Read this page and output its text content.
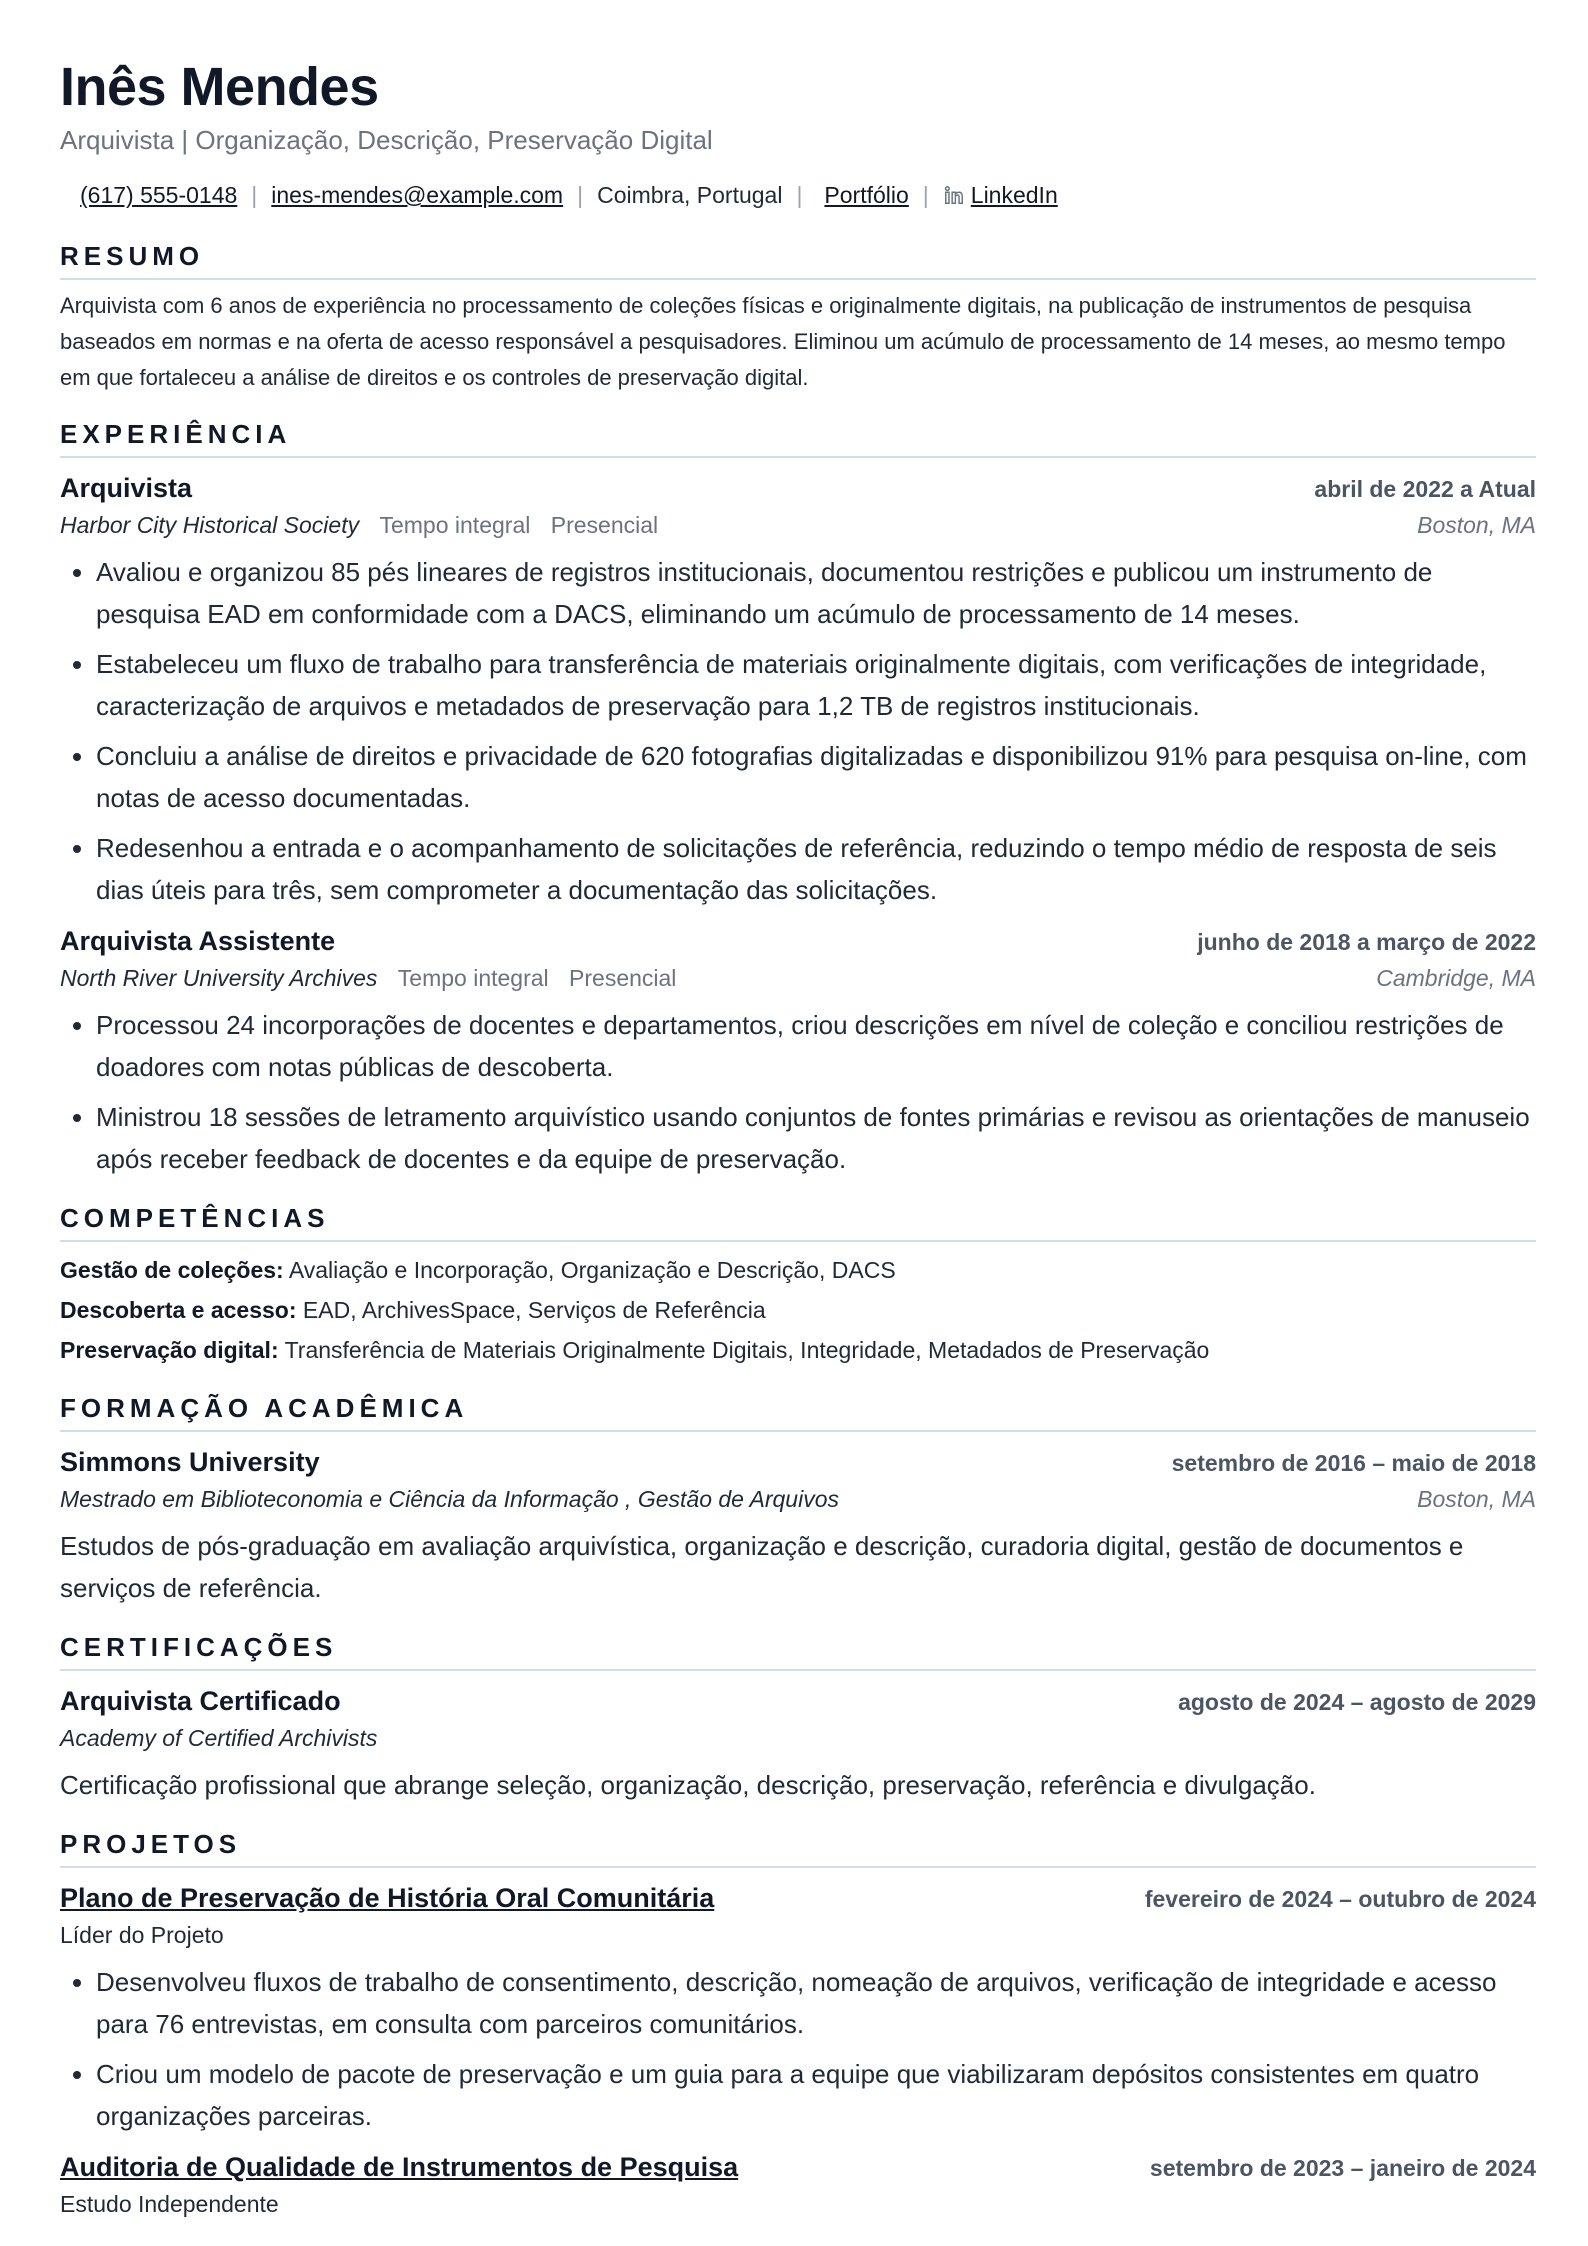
Inês Mendes
Arquivista | Organização, Descrição, Preservação Digital
(617) 555-0148 | ines-mendes@example.com | Coimbra, Portugal | Portfólio | LinkedIn
RESUMO
Arquivista com 6 anos de experiência no processamento de coleções físicas e originalmente digitais, na publicação de instrumentos de pesquisa baseados em normas e na oferta de acesso responsável a pesquisadores. Eliminou um acúmulo de processamento de 14 meses, ao mesmo tempo em que fortaleceu a análise de direitos e os controles de preservação digital.
EXPERIÊNCIA
Arquivista	abril de 2022 a Atual
Harbor City Historical Society Tempo integral Presencial	Boston, MA
• Avaliou e organizou 85 pés lineares de registros institucionais, documentou restrições e publicou um instrumento de pesquisa EAD em conformidade com a DACS, eliminando um acúmulo de processamento de 14 meses.
• Estabeleceu um fluxo de trabalho para transferência de materiais originalmente digitais, com verificações de integridade, caracterização de arquivos e metadados de preservação para 1,2 TB de registros institucionais.
• Concluiu a análise de direitos e privacidade de 620 fotografias digitalizadas e disponibilizou 91% para pesquisa on-line, com notas de acesso documentadas.
• Redesenhou a entrada e o acompanhamento de solicitações de referência, reduzindo o tempo médio de resposta de seis dias úteis para três, sem comprometer a documentação das solicitações.
Arquivista Assistente	junho de 2018 a março de 2022
North River University Archives Tempo integral Presencial	Cambridge, MA
• Processou 24 incorporações de docentes e departamentos, criou descrições em nível de coleção e conciliou restrições de doadores com notas públicas de descoberta.
• Ministrou 18 sessões de letramento arquivístico usando conjuntos de fontes primárias e revisou as orientações de manuseio após receber feedback de docentes e da equipe de preservação.
COMPETÊNCIAS
Gestão de coleções: Avaliação e Incorporação, Organização e Descrição, DACS
Descoberta e acesso: EAD, ArchivesSpace, Serviços de Referência
Preservação digital: Transferência de Materiais Originalmente Digitais, Integridade, Metadados de Preservação
FORMAÇÃO ACADÊMICA
Simmons University	setembro de 2016 – maio de 2018
Mestrado em Biblioteconomia e Ciência da Informação , Gestão de Arquivos	Boston, MA
Estudos de pós-graduação em avaliação arquivística, organização e descrição, curadoria digital, gestão de documentos e serviços de referência.
CERTIFICAÇÕES
Arquivista Certificado	agosto de 2024 – agosto de 2029
Academy of Certified Archivists
Certificação profissional que abrange seleção, organização, descrição, preservação, referência e divulgação.
PROJETOS
Plano de Preservação de História Oral Comunitária	fevereiro de 2024 – outubro de 2024
Líder do Projeto
• Desenvolveu fluxos de trabalho de consentimento, descrição, nomeação de arquivos, verificação de integridade e acesso para 76 entrevistas, em consulta com parceiros comunitários.
• Criou um modelo de pacote de preservação e um guia para a equipe que viabilizaram depósitos consistentes em quatro organizações parceiras.
Auditoria de Qualidade de Instrumentos de Pesquisa	setembro de 2023 – janeiro de 2024
Estudo Independente
